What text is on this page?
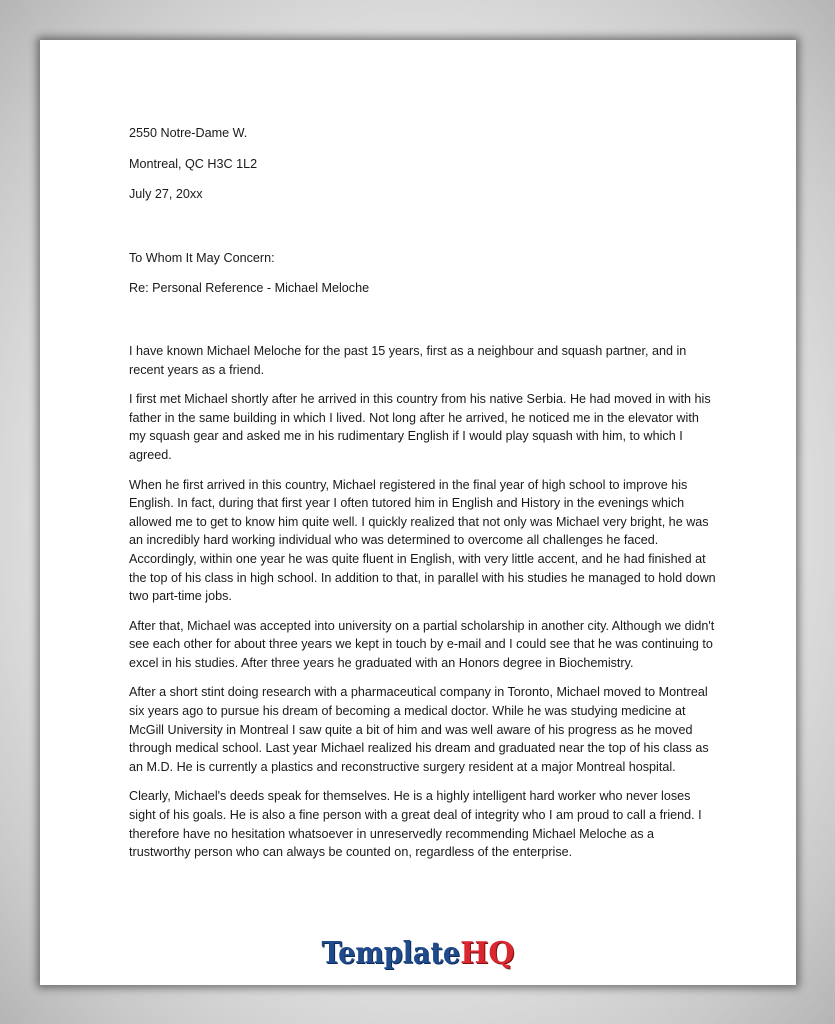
2550 Notre-Dame W.
Montreal, QC H3C 1L2
July 27, 20xx
To Whom It May Concern:
Re: Personal Reference - Michael Meloche

I have known Michael Meloche for the past 15 years, first as a neighbour and squash partner, and in recent years as a friend.

I first met Michael shortly after he arrived in this country from his native Serbia. He had moved in with his father in the same building in which I lived. Not long after he arrived, he noticed me in the elevator with my squash gear and asked me in his rudimentary English if I would play squash with him, to which I agreed.

When he first arrived in this country, Michael registered in the final year of high school to improve his English. In fact, during that first year I often tutored him in English and History in the evenings which allowed me to get to know him quite well. I quickly realized that not only was Michael very bright, he was an incredibly hard working individual who was determined to overcome all challenges he faced. Accordingly, within one year he was quite fluent in English, with very little accent, and he had finished at the top of his class in high school. In addition to that, in parallel with his studies he managed to hold down two part-time jobs.

After that, Michael was accepted into university on a partial scholarship in another city. Although we didn't see each other for about three years we kept in touch by e-mail and I could see that he was continuing to excel in his studies. After three years he graduated with an Honors degree in Biochemistry.

After a short stint doing research with a pharmaceutical company in Toronto, Michael moved to Montreal six years ago to pursue his dream of becoming a medical doctor. While he was studying medicine at McGill University in Montreal I saw quite a bit of him and was well aware of his progress as he moved through medical school. Last year Michael realized his dream and graduated near the top of his class as an M.D. He is currently a plastics and reconstructive surgery resident at a major Montreal hospital.

Clearly, Michael's deeds speak for themselves. He is a highly intelligent hard worker who never loses sight of his goals. He is also a fine person with a great deal of integrity who I am proud to call a friend. I therefore have no hesitation whatsoever in unreservedly recommending Michael Meloche as a trustworthy person who can always be counted on, regardless of the enterprise.

TemplateHQ
